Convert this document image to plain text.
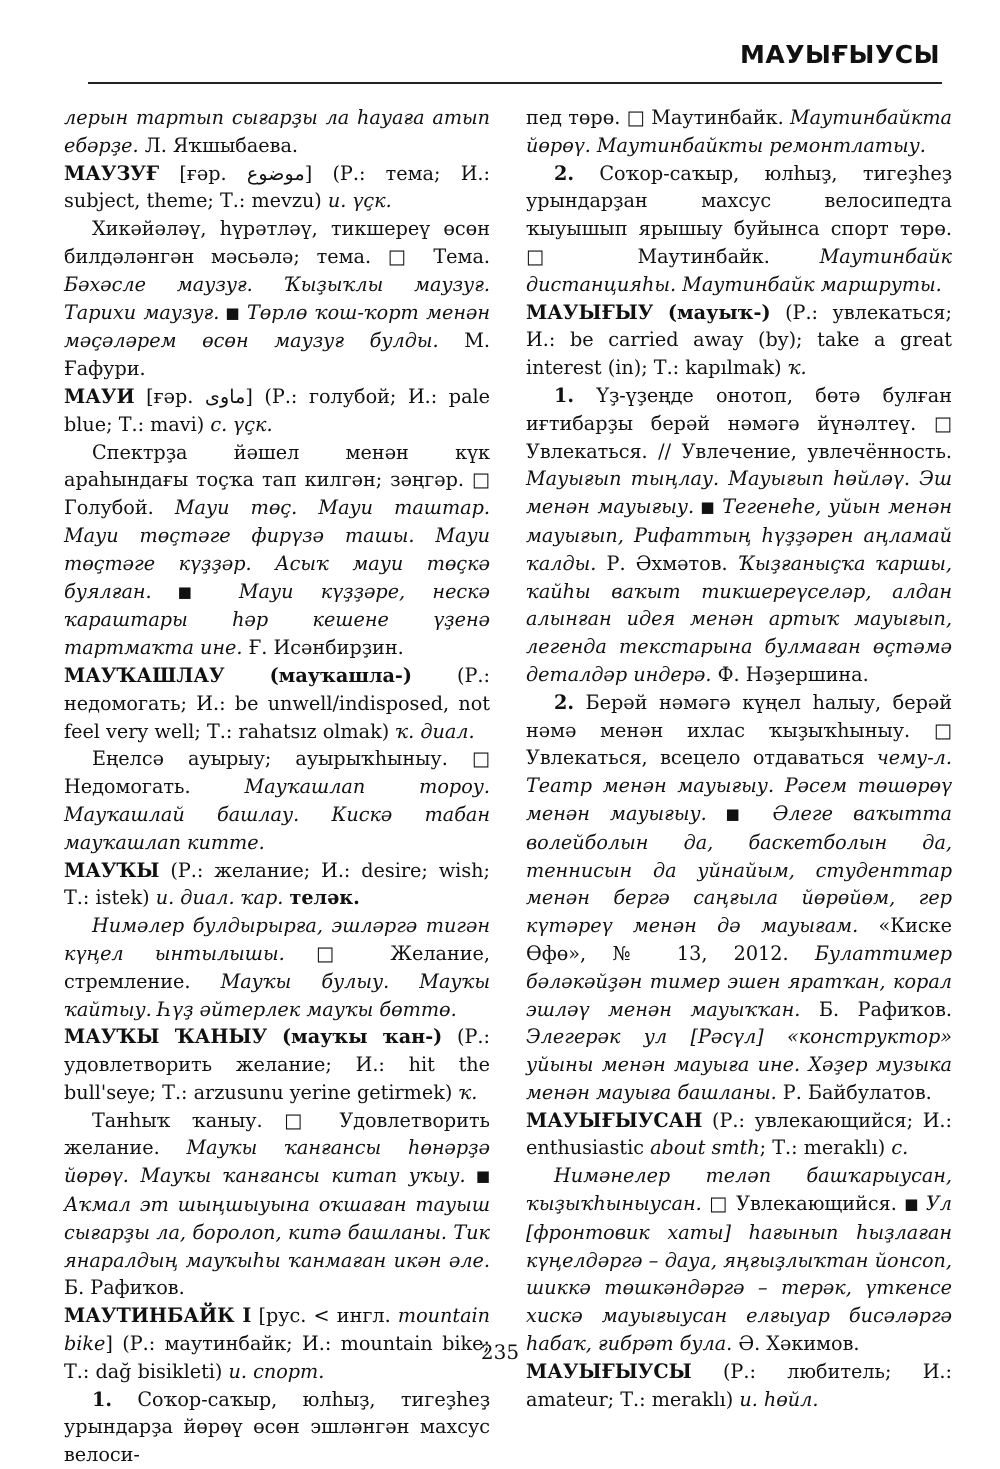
МАУЫҒЫУСЫ

лерын тартып сығарҙы ла һауаға атып ебәрҙе. Л. Яҡшыбаева.

МАУЗУҒ [ғәр. موضوع] (Р.: тема; И.: subject, theme; Т.: mevzu) и. үҫк.

Хикәйәләү, һүрәтләү, тикшереү өсөн билдәләнгән мәсьәлә; тема. □ Тема. Бәхәсле маузуғ. Ҡыҙыҡлы маузуғ. Тарихи маузуғ. ■ Төрлө ҡош-ҡорт менән мәҫәләрем өсөн маузуғ булды. М. Ғафури.

МАУИ [ғәр. ماوی] (Р.: голубой; И.: pale blue; Т.: mavi) с. үҫк.

Спектрҙа йәшел менән күк араһындағы тоҫҡа тап килгән; зәңгәр. □ Голубой. Мауи төҫ. Мауи таштар. Мауи төҫтәге фирүзә ташы. Мауи төҫтәге күҙҙәр. Асыҡ мауи төҫкә буялған. ■ Мауи күҙҙәре, нескә ҡараштары һәр кешене үҙенә тартмаҡта ине. Ғ. Исәнбирҙин.

МАУҠАШЛАУ (мауҡашла-) (Р.: недомогать; И.: be unwell/indisposed, not feel very well; Т.: rahatsız olmak) ҡ. диал.

Еңелсә ауырыу; ауырыҡһыныу. □ Недомогать. Мауҡашлап тороу. Мауҡашлай башлау. Кискә табан мауҡашлап китте.

МАУҠЫ (Р.: желание; И.: desire; wish; Т.: istek) и. диал. ҡар. теләк.

Нимәлер булдырырға, эшләргә тигән күңел ынтылышы. □ Желание, стремление. Мауҡы булыу. Мауҡы ҡайтыу. Һүҙ әйтерлек мауҡы бөттө.

МАУҠЫ ҠАНЫУ (мауҡы ҡан-) (Р.: удовлетворить желание; И.: hit the bull'seye; Т.: arzusunu yerine getirmek) ҡ.

Танһыҡ ҡаныу. □ Удовлетворить желание. Мауҡы ҡанғансы һөнәрҙә йөрөү. Мауҡы ҡанғансы китап уҡыу. ■ Аҡмал эт шыңшыуына оҡшаған тауыш сығарҙы ла, боролоп, китә башланы. Тик янаралдың мауҡыһы ҡанмаған икән әле. Б. Рафиҡов.

МАУТИНБАЙК I [рус. < ингл. mountain bike] (Р.: маутинбайк; И.: mountain bike; Т.: dağ bisikleti) и. спорт.

1. Соҡор-саҡыр, юлһыҙ, тигеҙһеҙ урындарҙа йөрөү өсөн эшләнгән махсус велоси-

пед төрө. □ Маутинбайк. Маутинбайкта йөрөү. Маутинбайкты ремонтлатыу.

2. Соҡор-саҡыр, юлһыҙ, тигеҙһеҙ урындарҙан махсус велосипедта ҡыуышып ярышыу буйынса спорт төрө. □ Маутинбайк. Маутинбайк дистанцияһы. Маутинбайк маршруты.

МАУЫҒЫУ (мауыҡ-) (Р.: увлекаться; И.: be carried away (by); take a great interest (in); Т.: kapılmak) ҡ.

1. Үҙ-үҙеңде онотоп, бөтә булған иғтибарҙы берәй нәмәгә йүнәлтеү. □ Увлекаться. // Увлечение, увлечённость. Мауығып тыңлау. Мауығып һөйләү. Эш менән мауығыу. ■ Тегенеһе, уйын менән мауығып, Рифаттың һүҙҙәрен аңламай ҡалды. Р. Әхмәтов. Ҡыҙғаныҫҡа ҡаршы, ҡайһы ваҡыт тикшереүселәр, алдан алынған идея менән артыҡ мауығып, легенда текстарына булмаған өҫтәмә деталдәр индерә. Ф. Нәҙершина.

2. Берәй нәмәгә күңел һалыу, берәй нәмә менән ихлас ҡыҙыҡһыныу. □ Увлекаться, всецело отдаваться чему-л. Театр менән мауығыу. Рәсем төшөрөү менән мауығыу. ■ Әлеге ваҡытта волейболын да, баскетболын да, теннисын да уйнайым, студенттар менән бергә саңғыла йөрөйөм, гер күтәреү менән дә мауығам. «Киске Өфө», № 13, 2012. Булаттимер бәләкәйҙән тимер эшен яратҡан, корал эшләү менән мауыҡҡан. Б. Рафиҡов. Элегерәк ул [Рәсүл] «конструктор» уйыны менән мауыға ине. Хәҙер музыка менән мауыға башланы. Р. Байбулатов.

МАУЫҒЫУСАН (Р.: увлекающийся; И.: enthusiastic about smth; Т.: meraklı) с.

Нимәнелер теләп башҡарыусан, ҡыҙыҡһыныусан. □ Увлекающийся. ■ Ул [фронтовик хаты] һағынып һыҙлаған күңелдәргә – дауа, яңғыҙлыҡтан йонсоп, шиккә төшкәндәргә – терәк, үткенсе хискә мауығыусан елғыуар бисәләргә һабаҡ, ғибрәт була. Ә. Хәкимов.

МАУЫҒЫУСЫ (Р.: любитель; И.: amateur; Т.: meraklı) и. һөйл.

235
